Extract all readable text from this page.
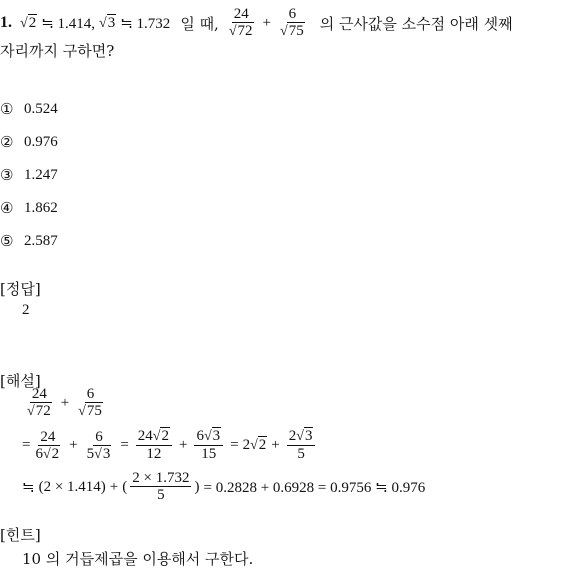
1. √2 ≒ 1.414, √3 ≒ 1.732 일 때, $\frac{24}{√72} + \frac{6}{√75}$ 의 근사값을 소수점 아래 셋째
자리까지 구하면?
① 0.524
② 0.976
③ 1.247
④ 1.862
⑤ 2.587
[정답]
2
[해설]
$\frac{24}{√72} + \frac{6}{√75}$
= $\frac{24}{6√2} + \frac{6}{5√3} = \frac{24√2}{12} + \frac{6√3}{15} = 2$ $√2 + \frac{2√3}{5}$
≒ (2 × 1.414) + ( $\frac{2 \times 1.732}{5}$ ) = 0.2828 + 0.6928 = 0.9756 ≒ 0.976
[힌트]
10 의 거듭제곱을 이용해서 구한다.
